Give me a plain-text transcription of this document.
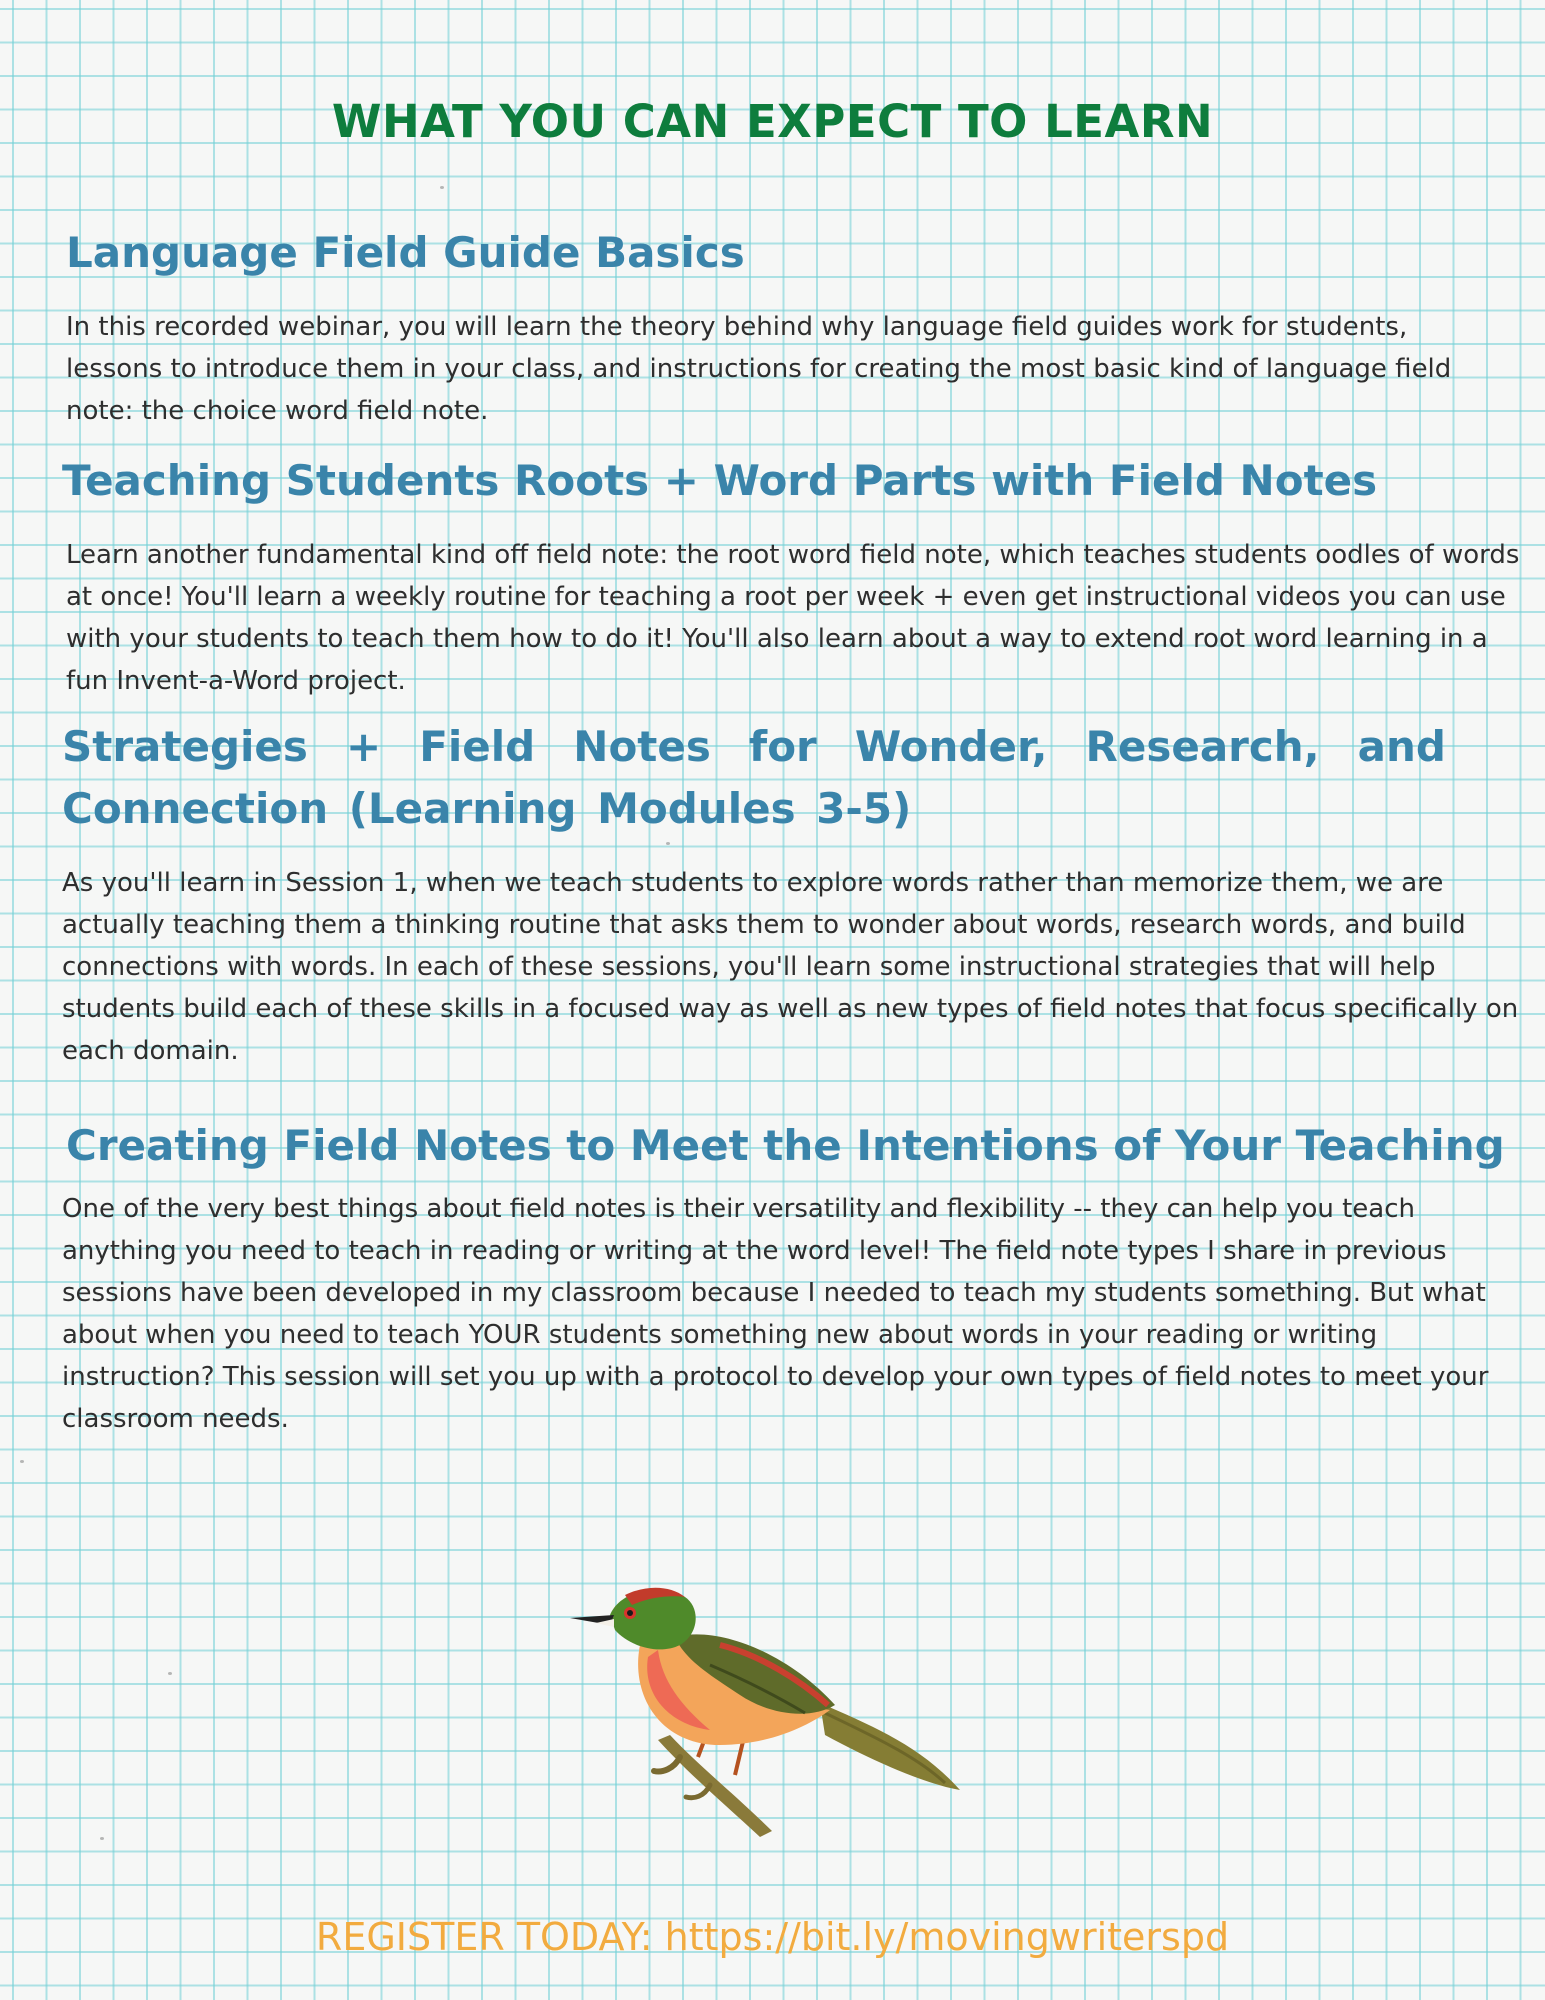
WHAT YOU CAN EXPECT TO LEARN
Language Field Guide Basics

In this recorded webinar, you will learn the theory behind why language field guides work for students, lessons to introduce them in your class, and instructions for creating the most basic kind of language field note: the choice word field note.

Teaching Students Roots + Word Parts with Field Notes

Learn another fundamental kind off field note: the root word field note, which teaches students oodles of words at once! You'll learn a weekly routine for teaching a root per week + even get instructional videos you can use with your students to teach them how to do it! You'll also learn about a way to extend root word learning in a fun Invent-a-Word project.

Strategies + Field Notes for Wonder, Research, and Connection (Learning Modules 3-5)

As you'll learn in Session 1, when we teach students to explore words rather than memorize them, we are actually teaching them a thinking routine that asks them to wonder about words, research words, and build connections with words. In each of these sessions, you'll learn some instructional strategies that will help students build each of these skills in a focused way as well as new types of field notes that focus specifically on each domain.

Creating Field Notes to Meet the Intentions of Your Teaching

One of the very best things about field notes is their versatility and flexibility -- they can help you teach anything you need to teach in reading or writing at the word level! The field note types I share in previous sessions have been developed in my classroom because I needed to teach my students something. But what about when you need to teach YOUR students something new about words in your reading or writing instruction? This session will set you up with a protocol to develop your own types of field notes to meet your classroom needs.

REGISTER TODAY: https://bit.ly/movingwriterspd
